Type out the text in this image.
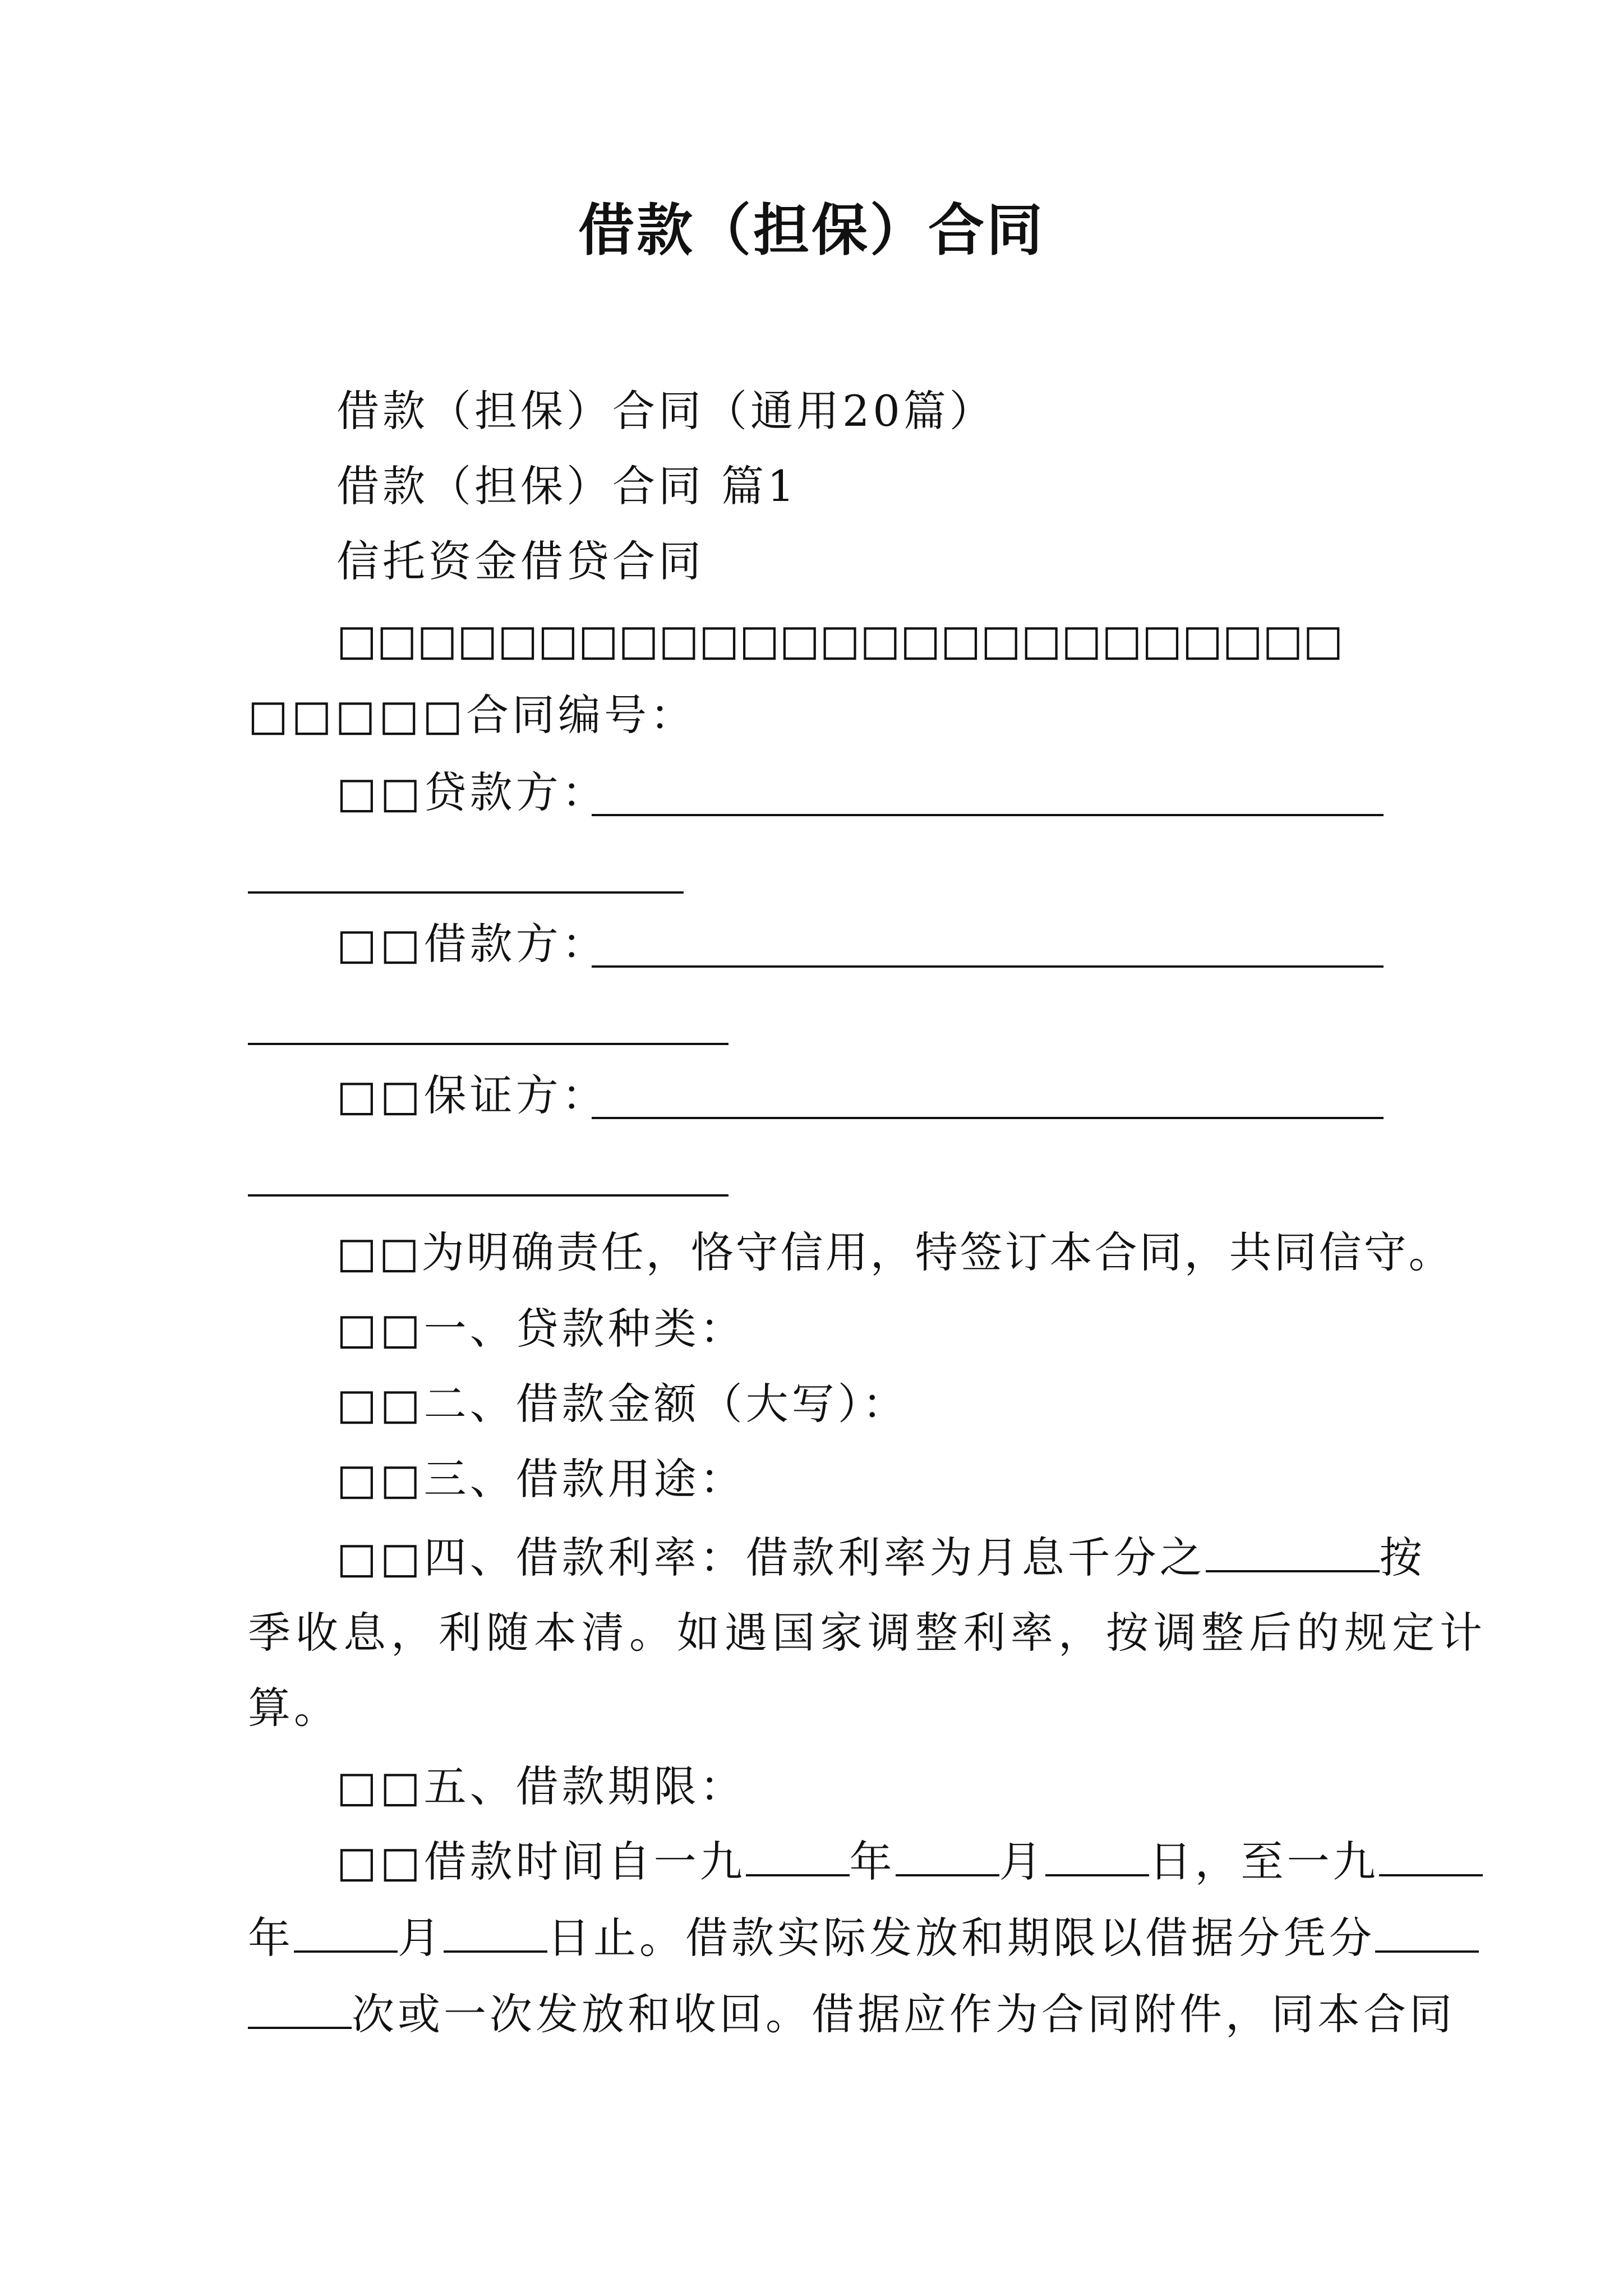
借款（担保）合同
借款（担保）合同（通用20篇）
借款（担保）合同 篇1
信托资金借贷合同
□□□□□□□□□□□□□□□□□□□□□□□□□
□□□□□合同编号：
□□贷款方：
□□借款方：
□□保证方：
□□为明确责任，恪守信用，特签订本合同，共同信守。
□□一、贷款种类：
□□二、借款金额（大写）：
□□三、借款用途：
□□四、借款利率：借款利率为月息千分之	按
季收息，利随本清。如遇国家调整利率，按调整后的规定计
算。
□□五、借款期限：
□□借款时间自一九 年 月 日，至一九
年 月 日止。借款实际发放和期限以借据分凭分
次或一次发放和收回。借据应作为合同附件，同本合同
